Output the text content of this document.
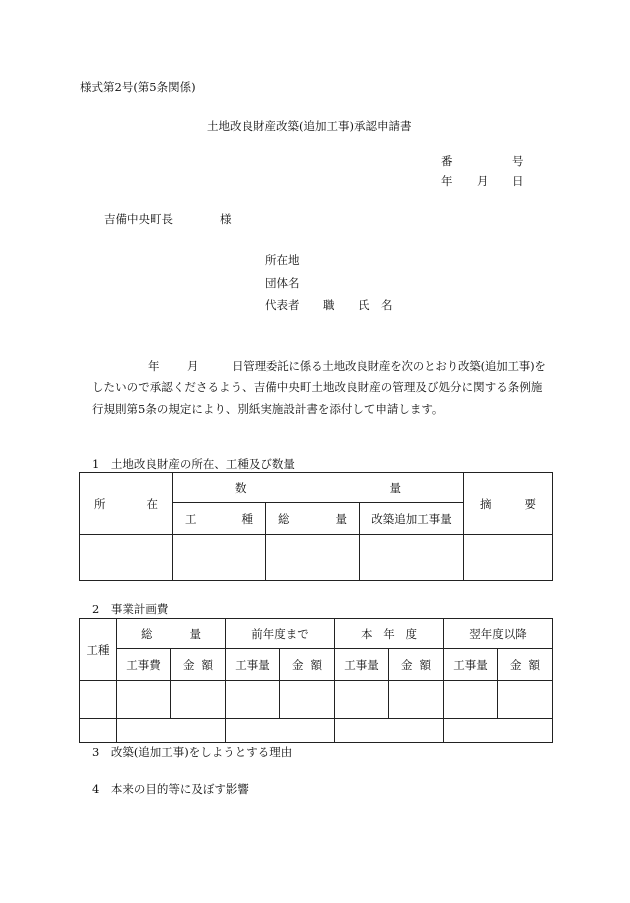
様式第2号(第5条関係)
土地改良財産改築(追加工事)承認申請書
番	号
年 月 日
吉備中央町長	様
所在地
団体名
代表者 職 氏　名
年 月	日管理委託に係る土地改良財産を次のとおり改築(追加工事)を
したいので承認くださるよう、吉備中央町土地改良財産の管理及び処分に関する条例施
行規則第5条の規定により、別紙実施設計書を添付して申請します。
1　土地改良財産の所在、工種及び数量
所 在	数 量			摘 要

	工 種	総 量	改築追加工事量	

2　事業計画費
工種	総 量		前年度まで		本 年 度		翌年度以降	
	工事費	金 額	工事量	金 額	工事量	金 額	工事量	金 額

3　改築(追加工事)をしようとする理由
4　本来の目的等に及ぼす影響
